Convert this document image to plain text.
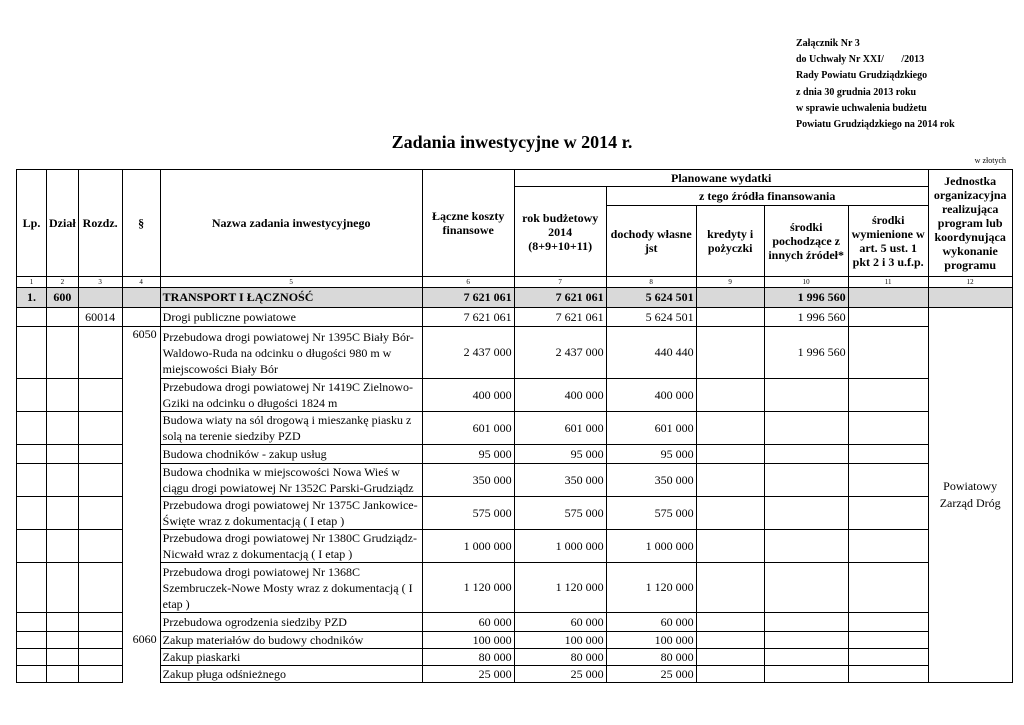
Załącznik Nr 3
do Uchwały Nr XXI/       /2013
Rady Powiatu Grudziądzkiego
z dnia 30 grudnia 2013 roku
w sprawie uchwalenia budżetu
Powiatu Grudziądzkiego na 2014 rok
Zadania inwestycyjne w 2014 r.
w złotych
Lp.	Dział	Rozdz.	§	Nazwa zadania inwestycyjnego	Łączne koszty finansowe	Planowane wydatki					Jednostka organizacyjna realizująca program lub koordynująca wykonanie programu
						rok budżetowy 2014 (8+9+10+11)	z tego źródła finansowania				
							dochody własne jst	kredyty i pożyczki	środki pochodzące z innych źródeł*	środki wymienione w art. 5 ust. 1 pkt 2 i 3 u.f.p.	
1	2	3	4	5	6	7	8	9	10	11	12
1.	600			TRANSPORT I ŁĄCZNOŚĆ	7 621 061	7 621 061	5 624 501		1 996 560		
		60014		Drogi publiczne powiatowe	7 621 061	7 621 061	5 624 501		1 996 560		Powiatowy Zarząd Dróg
			6050	Przebudowa drogi powiatowej Nr 1395C Biały Bór-Waldowo-Ruda na odcinku o długości 980 m w miejscowości Biały Bór	2 437 000	2 437 000	440 440		1 996 560		
				Przebudowa drogi powiatowej Nr 1419C Zielnowo-Gziki na odcinku o długości 1824 m	400 000	400 000	400 000				
				Budowa wiaty na sól drogową i mieszankę piasku z solą na terenie siedziby PZD	601 000	601 000	601 000				
				Budowa chodników - zakup usług	95 000	95 000	95 000				
				Budowa chodnika w miejscowości Nowa Wieś w ciągu drogi powiatowej Nr 1352C Parski-Grudziądz	350 000	350 000	350 000				
				Przebudowa drogi powiatowej Nr 1375C Jankowice-Święte wraz z dokumentacją ( I etap )	575 000	575 000	575 000				
				Przebudowa drogi powiatowej Nr 1380C Grudziądz-Nicwałd wraz z dokumentacją ( I etap )	1 000 000	1 000 000	1 000 000				
				Przebudowa drogi powiatowej Nr 1368C Szembruczek-Nowe Mosty wraz z dokumentacją ( I etap )	1 120 000	1 120 000	1 120 000				
				Przebudowa ogrodzenia siedziby PZD	60 000	60 000	60 000				
			6060	Zakup materiałów do budowy chodników	100 000	100 000	100 000				
				Zakup piaskarki	80 000	80 000	80 000				
				Zakup pługa odśnieżnego	25 000	25 000	25 000				
